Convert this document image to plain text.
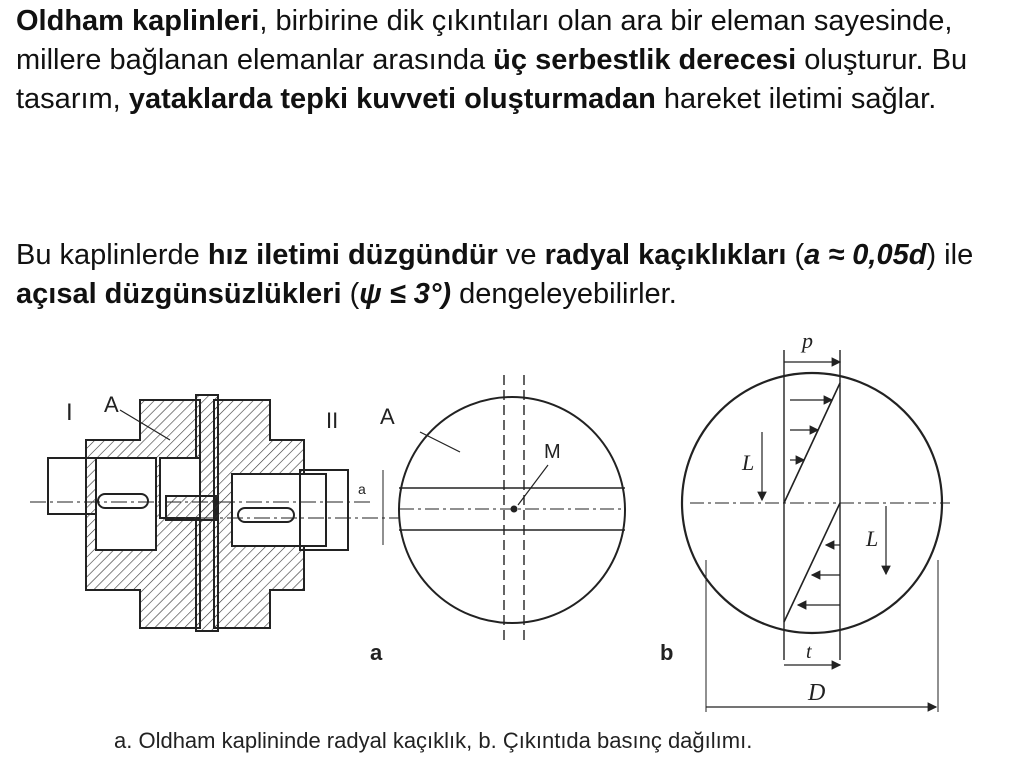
Oldham kaplinleri, birbirine dik çıkıntıları olan ara bir eleman sayesinde, millere bağlanan elemanlar arasında üç serbestlik derecesi oluşturur. Bu tasarım, yataklarda tepki kuvveti oluşturmadan hareket iletimi sağlar.

Bu kaplinlerde hız iletimi düzgündür ve radyal kaçıklıkları (a ≈ 0,05d) ile açısal düzgünsüzlükleri (ψ ≤ 3°) dengeleyebilirler.

I A
II
a
A
M
p
L
L
t
D
a	b
a. Oldham kaplininde radyal kaçıklık, b. Çıkıntıda basınç dağılımı.
